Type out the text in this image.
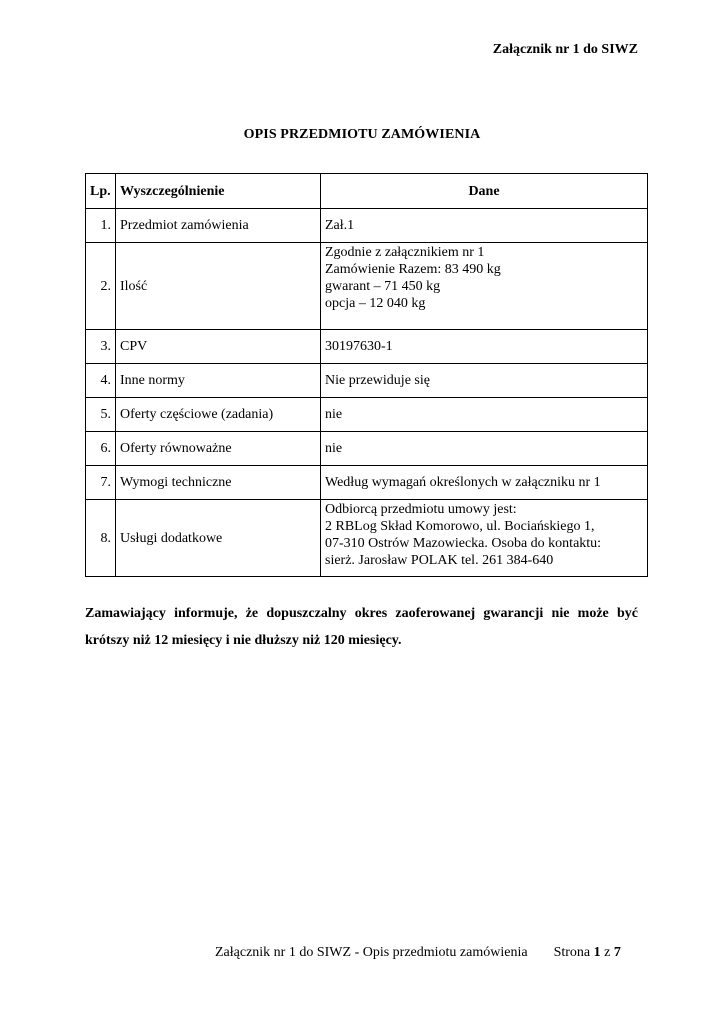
Załącznik nr 1 do SIWZ
OPIS PRZEDMIOTU ZAMÓWIENIA
Lp.	Wyszczególnienie	Dane
1.	Przedmiot zamówienia	Zał.1

2.	Ilość	Zgodnie z załącznikiem nr 1
Zamówienie Razem: 83 490 kg
gwarant – 71 450 kg
opcja – 12 040 kg

3.	CPV	30197630-1

4.	Inne normy	Nie przewiduje się

5.	Oferty częściowe (zadania)	nie

6.	Oferty równoważne	nie

7.	Wymogi techniczne	Według wymagań określonych w załączniku nr 1

8.	Usługi dodatkowe	Odbiorcą przedmiotu umowy jest:
2 RBLog Skład Komorowo, ul. Bociańskiego 1,
07-310 Ostrów Mazowiecka. Osoba do kontaktu:
sierż. Jarosław POLAK tel. 261 384-640
Zamawiający informuje, że dopuszczalny okres zaoferowanej gwarancji nie może być krótszy niż 12 miesięcy i nie dłuższy niż 120 miesięcy.
Załącznik nr 1 do SIWZ - Opis przedmiotu zamówienia Strona 1 z 7
